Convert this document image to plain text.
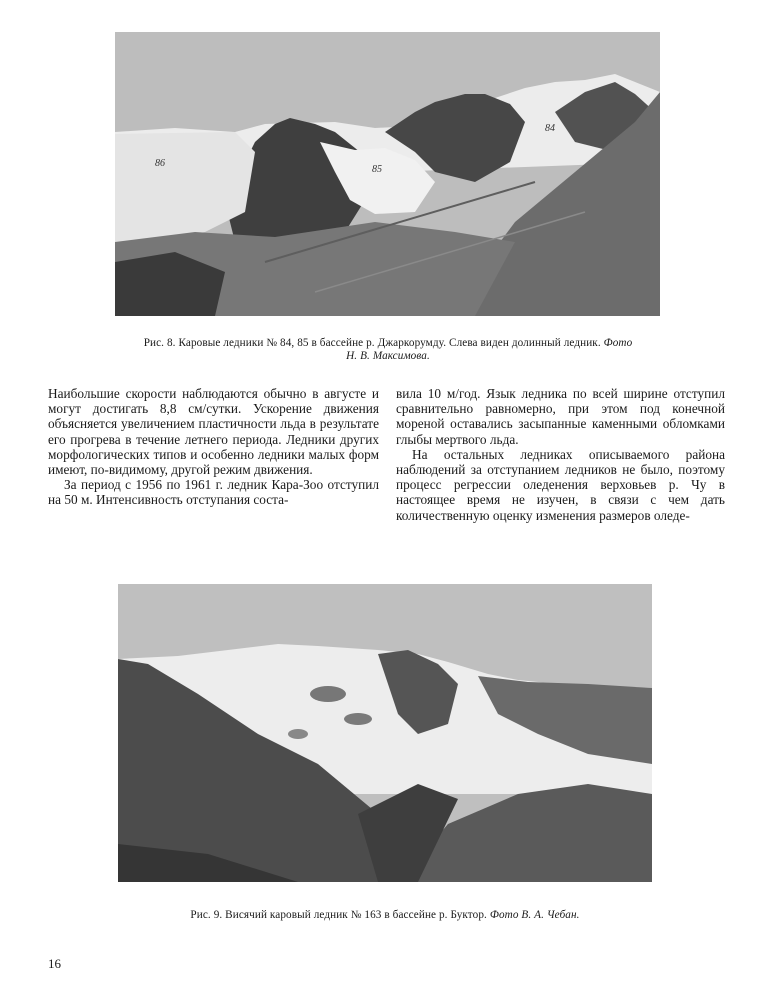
86
85
84
Рис. 8. Каровые ледники № 84, 85 в бассейне р. Джаркорумду. Слева виден долинный ледник. Фото
Н. В. Максимова.

Наибольшие скорости наблюдаются обычно в августе и могут достигать 8,8 см/сутки. Ускорение движения объясняется увеличением пластичности льда в результате его прогрева в течение летнего периода. Ледники других морфологических типов и особенно ледники малых форм имеют, по-видимому, другой режим движения.

За период с 1956 по 1961 г. ледник Кара-Зоо отступил на 50 м. Интенсивность отступания соста-

вила 10 м/год. Язык ледника по всей ширине отступил сравнительно равномерно, при этом под конечной мореной оставались засыпанные каменными обломками глыбы мертвого льда.

На остальных ледниках описываемого района наблюдений за отступанием ледников не было, поэтому процесс регрессии оледенения верховьев р. Чу в настоящее время не изучен, в связи с чем дать количественную оценку изменения размеров оледе-

Рис. 9. Висячий каровый ледник № 163 в бассейне р. Буктор. Фото В. А. Чебан.
16
